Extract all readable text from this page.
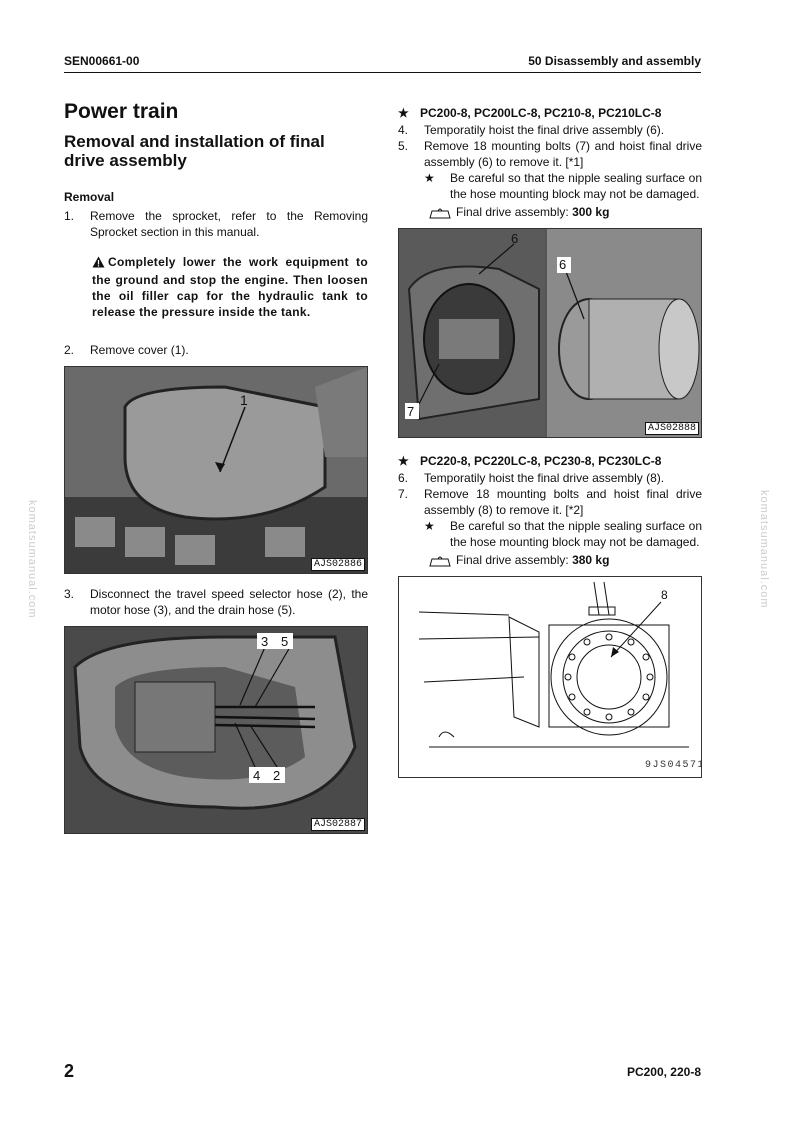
SEN00661-00	50 Disassembly and assembly
komatsumanual.com	komatsumanual.com
Power train
Removal and installation of final drive assembly
Removal
1. Remove the sprocket, refer to the Removing Sprocket section in this manual.
Completely lower the work equipment to the ground and stop the engine. Then loosen the oil filler cap for the hydraulic tank to release the pressure inside the tank.
2. Remove cover (1).
1
AJS02886
3. Disconnect the travel speed selector hose (2), the motor hose (3), and the drain hose (5).
3 5
4 2
AJS02887
★ PC200-8, PC200LC-8, PC210-8, PC210LC-8
4. Temporatily hoist the final drive assembly (6).
5. Remove 18 mounting bolts (7) and hoist final drive assembly (6) to remove it. [*1]
★ Be careful so that the nipple sealing surface on the hose mounting block may not be damaged.
Final drive assembly: 300 kg
6
6
7
AJS02888
★ PC220-8, PC220LC-8, PC230-8, PC230LC-8
6. Temporatily hoist the final drive assembly (8).
7. Remove 18 mounting bolts and hoist final drive assembly (8) to remove it. [*2]
★ Be careful so that the nipple sealing surface on the hose mounting block may not be damaged.
Final drive assembly: 380 kg
8
9JS04571
2	PC200, 220-8
